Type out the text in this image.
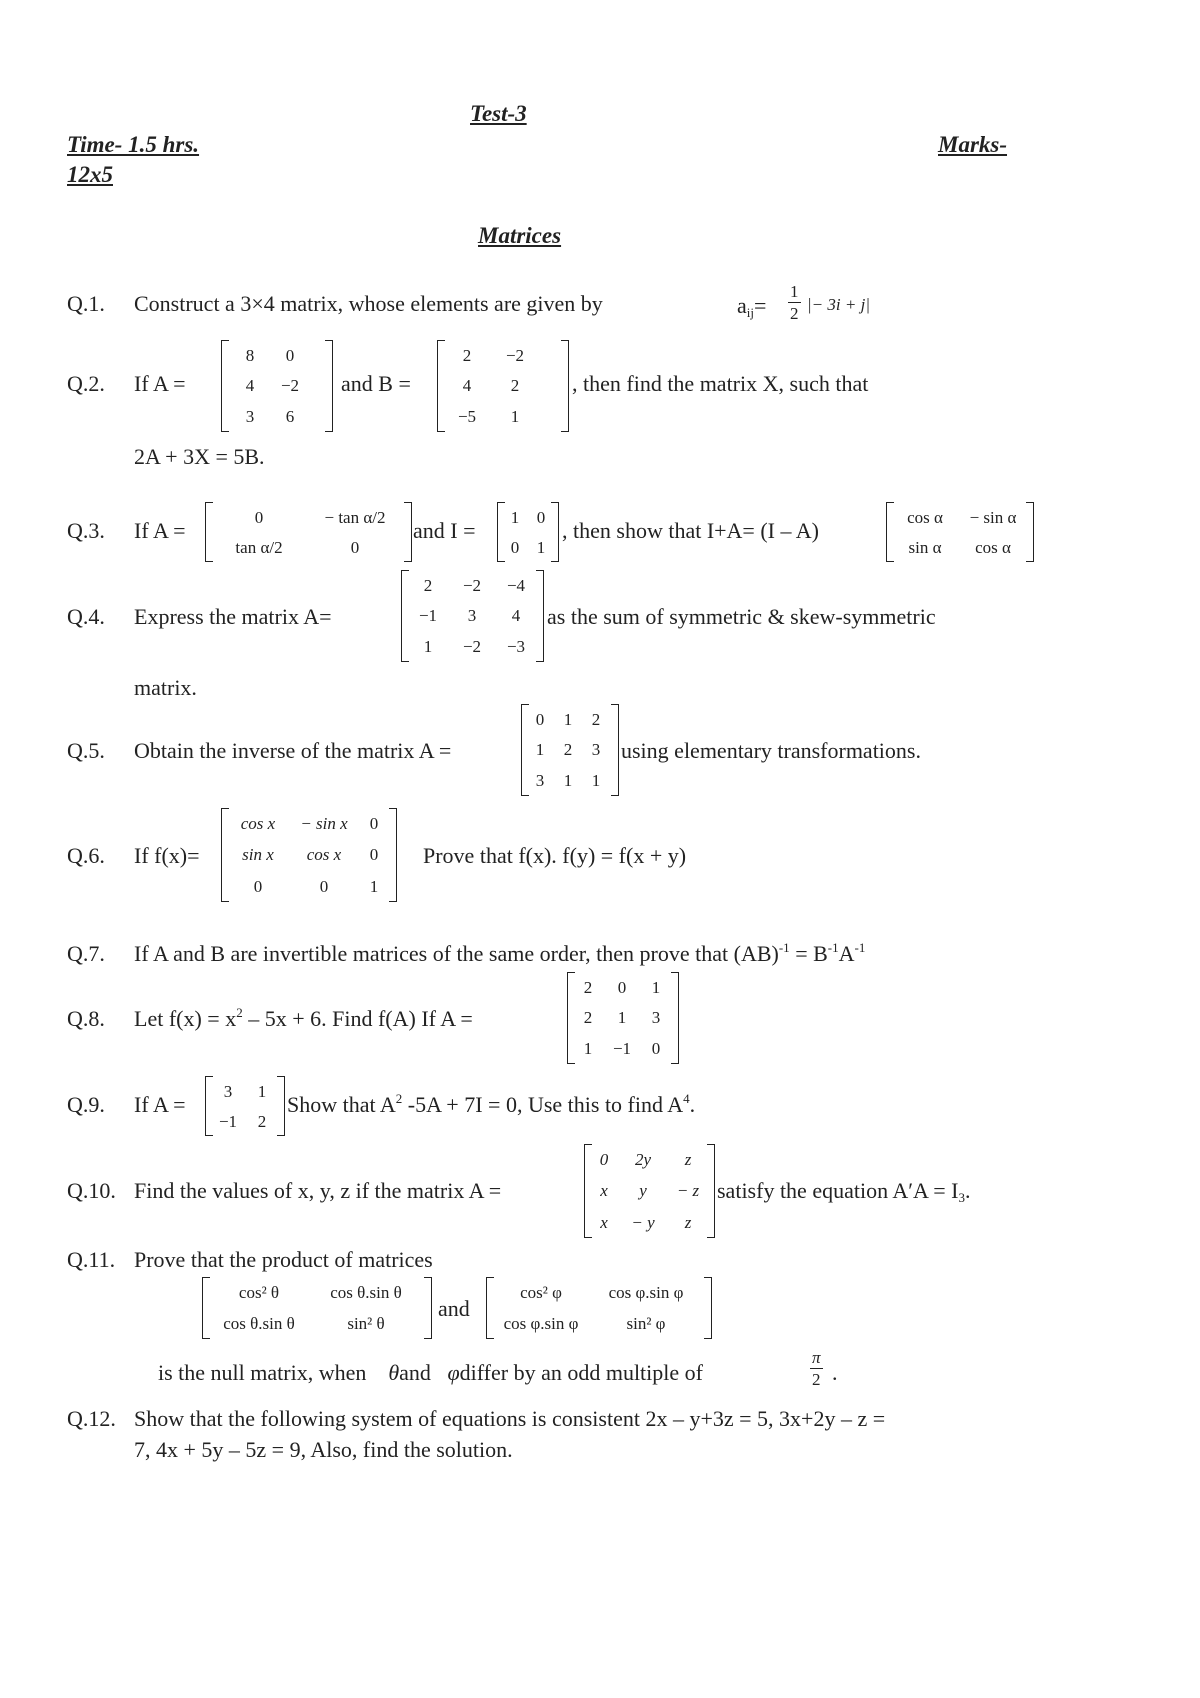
Test-3
Time- 1.5 hrs.	Marks-
12x5
Matrices
Q.1. Construct a 3×4 matrix, whose elements are given by	$a_{ij}= \frac{1}{2}$ |− 3i + j|
Q.2. If A =
8	0
4	−2
3	6
and B =
2	−2
4	2
−5	1
, then find the matrix X, such that
2A + 3X = 5B.
Q.3. If A =
0	− tan α/2
tan α/2	0
and I =
1	0
0	1
, then show that I+A= (I – A)
cos α	− sin α
sin α	cos α
Q.4. Express the matrix A=
2	−2	−4
−1	3	4
1	−2	−3
as the sum of symmetric & skew-symmetric
matrix.
Q.5. Obtain the inverse of the matrix A =
0	1	2
1	2	3
3	1	1
using elementary transformations.
Q.6. If f(x)=
cos x	− sin x	0
sin x	cos x	0
0	0	1
Prove that f(x). f(y) = f(x + y)
Q.7. If A and B are invertible matrices of the same order, then prove that $(AB)^{-1} = B^{-1}A^{-1}$
Q.8. Let $f(x) = x^2 - 5x + 6$. Find f(A) If A =
2	0	1
2	1	3
1	−1	0
Q.9. If A =
3	1
−1	2
Show that $A^2$ -5A + 7I = 0, Use this to find $A^4$.
Q.10. Find the values of x, y, z if the matrix A =
0	2y	z
x	y	− z
x	− y	z
satisfy the equation $A'A = I_3$.
Q.11. Prove that the product of matrices
cos² θ	cos θ.sin θ
cos θ.sin θ	sin² θ
and
cos² φ	cos φ.sin φ
cos φ.sin φ	sin² φ
is the null matrix, when θand φdiffer by an odd multiple of	$\frac{\pi}{2}$ .
Q.12. Show that the following system of equations is consistent 2x – y+3z = 5, 3x+2y – z =
7, 4x + 5y – 5z = 9, Also, find the solution.
